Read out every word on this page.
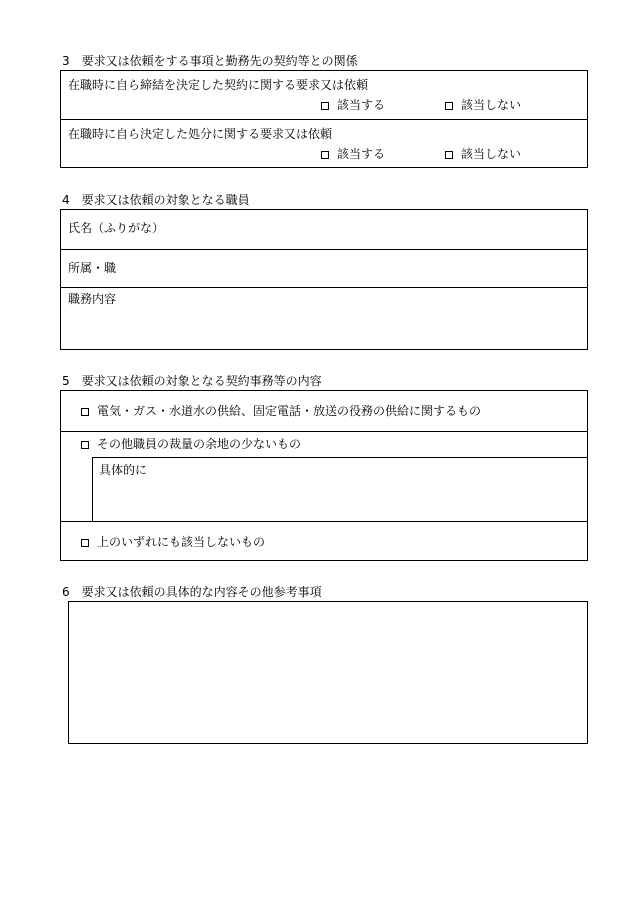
3　要求又は依頼をする事項と勤務先の契約等との関係
在職時に自ら締結を決定した契約に関する要求又は依頼
該当する	該当しない
在職時に自ら決定した処分に関する要求又は依頼
該当する	該当しない
4　要求又は依頼の対象となる職員
氏名（ふりがな）
所属・職
職務内容
5　要求又は依頼の対象となる契約事務等の内容
電気・ガス・水道水の供給、固定電話・放送の役務の供給に関するもの
その他職員の裁量の余地の少ないもの
具体的に
上のいずれにも該当しないもの
6　要求又は依頼の具体的な内容その他参考事項
